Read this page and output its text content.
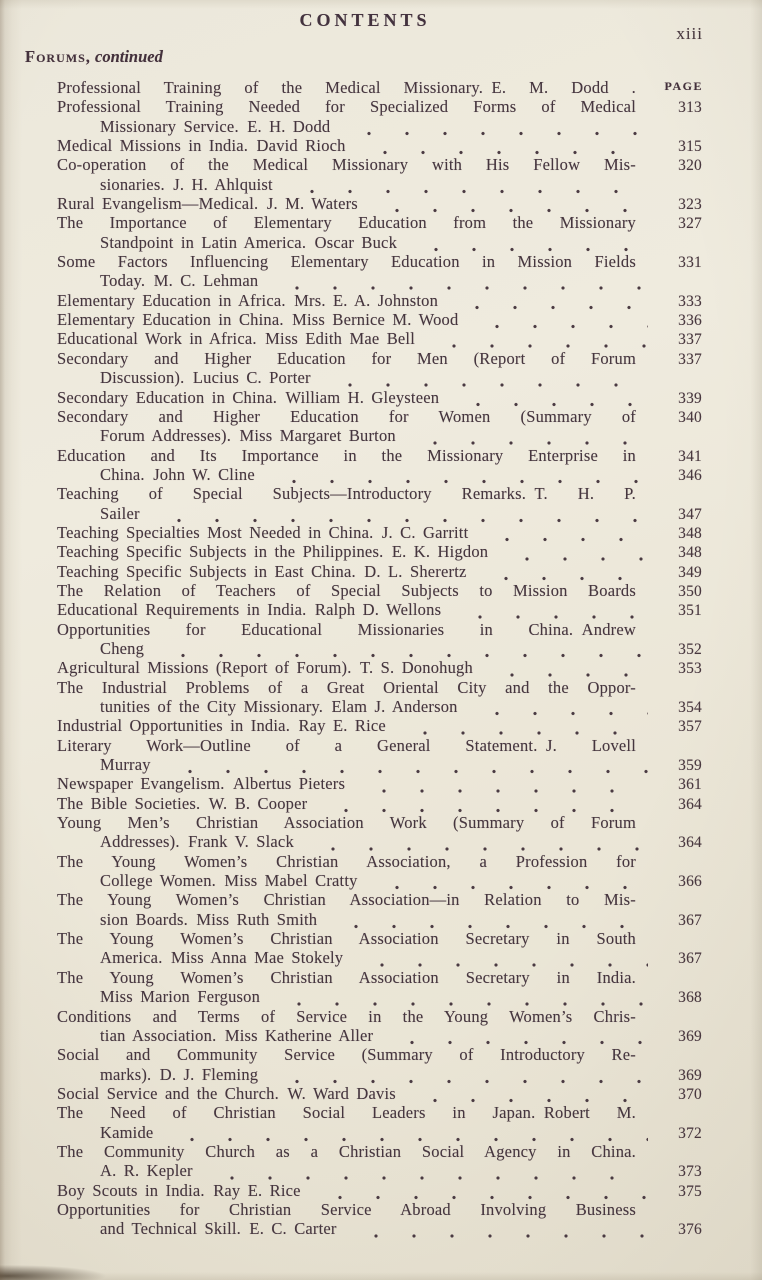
CONTENTS
xiii
Forums, continued
PAGE
Professional Training of the Medical Missionary. E. M. Dodd .
Professional Training Needed for Specialized Forms of Medical	313
Missionary Service. E. H. Dodd
Medical Missions in India. David Rioch	315
Co-operation of the Medical Missionary with His Fellow Mis-	320
sionaries. J. H. Ahlquist
Rural Evangelism—Medical. J. M. Waters	323
The Importance of Elementary Education from the Missionary	327
Standpoint in Latin America. Oscar Buck
Some Factors Influencing Elementary Education in Mission Fields	331
Today. M. C. Lehman
Elementary Education in Africa. Mrs. E. A. Johnston	333
Elementary Education in China. Miss Bernice M. Wood	336
Educational Work in Africa. Miss Edith Mae Bell	337
Secondary and Higher Education for Men (Report of Forum	337
Discussion). Lucius C. Porter
Secondary Education in China. William H. Gleysteen	339
Secondary and Higher Education for Women (Summary of	340
Forum Addresses). Miss Margaret Burton
Education and Its Importance in the Missionary Enterprise in	341
China. John W. Cline	346
Teaching of Special Subjects—Introductory Remarks. T. H. P.
Sailer	347
Teaching Specialties Most Needed in China. J. C. Garritt	348
Teaching Specific Subjects in the Philippines. E. K. Higdon	348
Teaching Specific Subjects in East China. D. L. Sherertz	349
The Relation of Teachers of Special Subjects to Mission Boards	350
Educational Requirements in India. Ralph D. Wellons	351
Opportunities for Educational Missionaries in China. Andrew
Cheng	352
Agricultural Missions (Report of Forum). T. S. Donohugh	353
The Industrial Problems of a Great Oriental City and the Oppor-
tunities of the City Missionary. Elam J. Anderson	354
Industrial Opportunities in India. Ray E. Rice	357
Literary Work—Outline of a General Statement. J. Lovell
Murray	359
Newspaper Evangelism. Albertus Pieters	361
The Bible Societies. W. B. Cooper	364
Young Men’s Christian Association Work (Summary of Forum
Addresses). Frank V. Slack	364
The Young Women’s Christian Association, a Profession for
College Women. Miss Mabel Cratty	366
The Young Women’s Christian Association—in Relation to Mis-
sion Boards. Miss Ruth Smith	367
The Young Women’s Christian Association Secretary in South
America. Miss Anna Mae Stokely	367
The Young Women’s Christian Association Secretary in India.
Miss Marion Ferguson	368
Conditions and Terms of Service in the Young Women’s Chris-
tian Association. Miss Katherine Aller	369
Social and Community Service (Summary of Introductory Re-
marks). D. J. Fleming	369
Social Service and the Church. W. Ward Davis	370
The Need of Christian Social Leaders in Japan. Robert M.
Kamide	372
The Community Church as a Christian Social Agency in China.
A. R. Kepler	373
Boy Scouts in India. Ray E. Rice	375
Opportunities for Christian Service Abroad Involving Business
and Technical Skill. E. C. Carter	376
